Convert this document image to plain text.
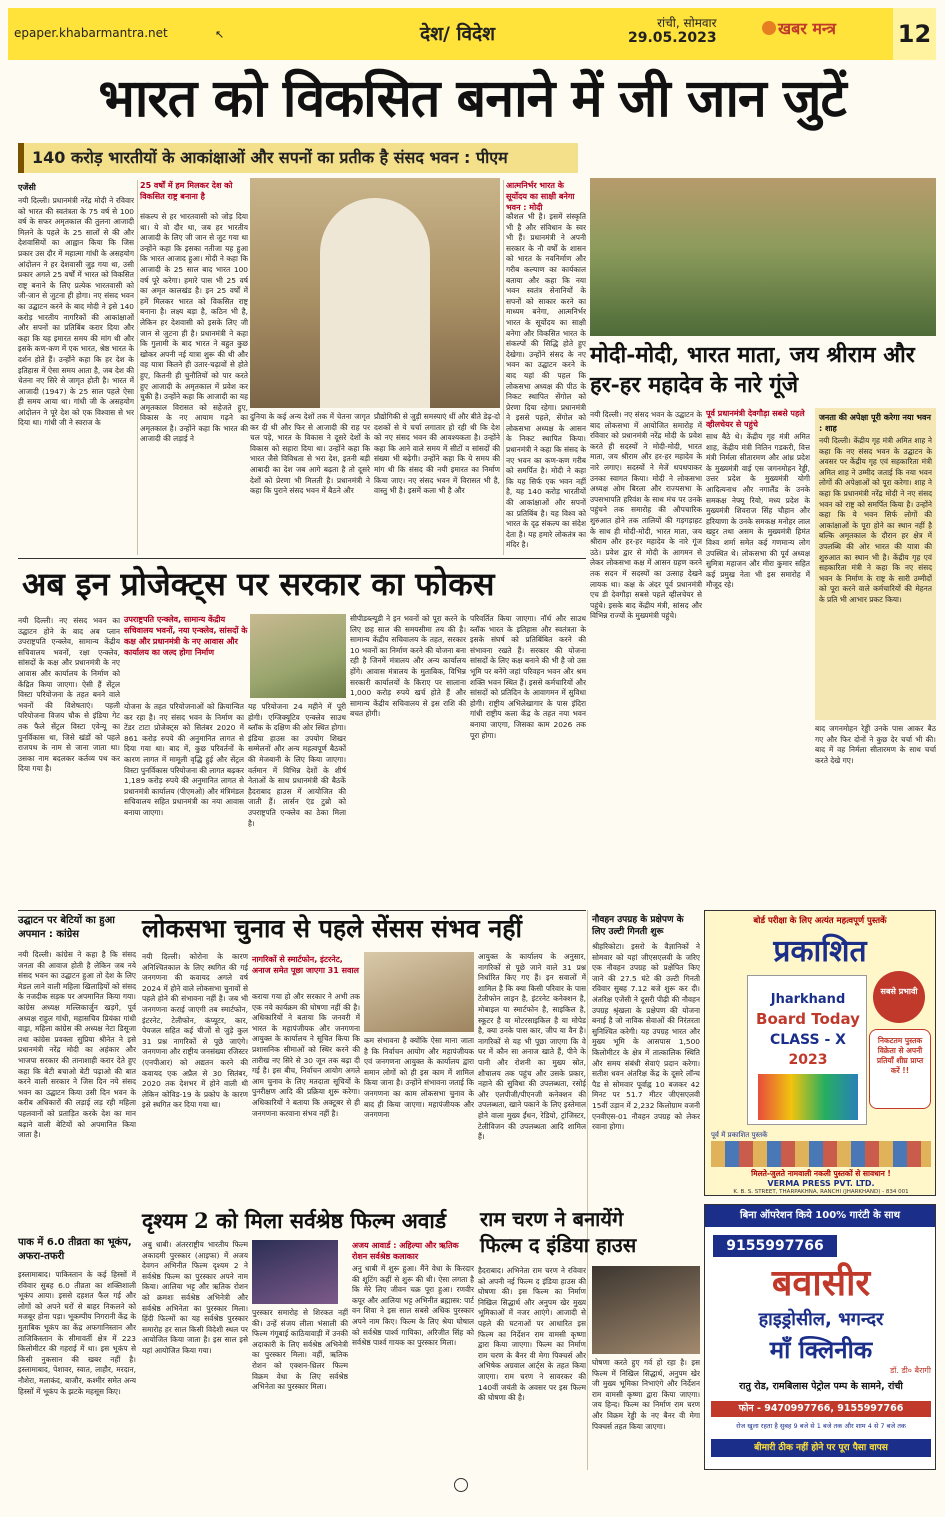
epaper.khabarmantra.net	↖	देश/ विदेश	रांची, सोमवार
29.05.2023	खबर मन्त्र	12
भारत को विकसित बनाने में जी जान जुटें
140 करोड़ भारतीयों के आकांक्षाओं और सपनों का प्रतीक है संसद भवन : पीएम
एजेंसी

नयी दिल्ली। प्रधानमंत्री नरेंद्र मोदी ने रविवार को भारत की स्वतंत्रता के 75 वर्ष से 100 वर्ष के सफर अमृतकाल की तुलना आजादी मिलने के पहले के 25 सालों से की और देशवासियों का आह्वान किया कि जिस प्रकार उस दौर में महात्मा गांधी के असहयोग आंदोलन ने हर देशवासी जुड़ गया था, उसी प्रकार अगले 25 वर्षों में भारत को विकसित राष्ट्र बनाने के लिए प्रत्येक भारतवासी को जी-जान से जुटना ही होगा। नए संसद भवन का उद्घाटन करने के बाद मोदी ने इसे 140 करोड़ भारतीय नागरिकों की आकांक्षाओं और सपनों का प्रतिबिंब करार दिया और कहा कि यह इमारत समय की मांग थी और इसके कण-कण में एक भारत, श्रेष्ठ भारत के दर्शन होते हैं। उन्होंने कहा कि हर देश के इतिहास में ऐसा समय आता है, जब देश की चेतना नए सिरे से जागृत होती है। भारत में आजादी (1947) के 25 साल पहले ऐसा ही समय आया था। गांधी जी के असहयोग आंदोलन ने पूरे देश को एक विश्वास से भर दिया था। गांधी जी ने स्वराज के

25 वर्षों में हम मिलकर देश को विकसित राष्ट्र बनाना है

संकल्प से हर भारतवासी को जोड़ दिया था। ये वो दौर था, जब हर भारतीय आजादी के लिए जी जान से जुट गया था उन्होंने कहा कि इसका नतीजा यह हुआ कि भारत आजाद हुआ। मोदी ने कहा कि आजादी के 25 साल बाद भारत 100 वर्ष पूरे करेगा। हमारे पास भी 25 वर्ष का अमृत कालखंड है। इन 25 वर्षों में हमें मिलकर भारत को विकसित राष्ट्र बनाना है। लक्ष्य बड़ा है, कठिन भी है, लेकिन हर देशवासी को इसके लिए जी जान से जुटना ही है। प्रधानमंत्री ने कहा कि गुलामी के बाद भारत ने बहुत कुछ खोकर अपनी नई यात्रा शुरू की थी और वह यात्रा कितने ही उतार-चढ़ावों से होते हुए, कितनी ही चुनौतियों को पार करते हुए आजादी के अमृतकाल में प्रवेश कर चुकी है। उन्होंने कहा कि आजादी का यह अमृतकाल विरासत को सहेजते हुए, विकास के नए आयाम गढ़ने का अमृतकाल है। उन्होंने कहा कि भारत की आजादी की लड़ाई ने

दुनिया के कई अन्य देशों तक में चेतना जागृत कर दी थी और फिर से आजादी की राह पर चल पड़े, भारत के विकास ने दूसरे देशों के विकास को सहारा दिया था। उन्होंने कहा कि भारत जैसे विविधता से भरा देश, इतनी बड़ी आबादी का देश जब आगे बढ़ता है तो दूसरे देशों को प्रेरणा भी मिलती है। प्रधानमंत्री ने कहा कि पुराने संसद भवन में बैठने और

प्रौद्योगिकी से जुड़ी समस्याएं थीं और बीते डेढ़-दो दशकों से ये चर्चा लगातार हो रही थी कि देश को नए संसद भवन की आवश्यकता है। उन्होंने कहा कि आने वाले समय में सीटों व सांसदों की संख्या भी बढ़ेगी। उन्होंने कहा कि ये समय की मांग थी कि संसद की नयी इमारत का निर्माण किया जाए। नए संसद भवन में विरासत भी है, वास्तु भी है। इसमें कला भी है और

आत्मनिर्भर भारत के सूर्योदय का साक्षी बनेगा भवन : मोदी

कौशल भी है। इसमें संस्कृति भी है और संविधान के स्वर भी हैं। प्रधानमंत्री ने अपनी सरकार के नौ वर्षों के शासन को भारत के नवनिर्माण और गरीब कल्याण का कार्यकाल बताया और कहा कि नया भवन स्वतंत्र सेनानियों के सपनों को साकार करने का माध्यम बनेगा, आत्मनिर्भर भारत के सूर्योदय का साक्षी बनेगा और विकसित भारत के संकल्पों की सिद्धि होते हुए देखेगा। उन्होंने संसद के नए भवन का उद्घाटन करने के बाद यहां की पहल कि लोकसभा अध्यक्ष की पीठ के निकट स्थापित सेंगोल को प्रेरणा दिया रहेगा। प्रधानमंत्री ने इससे पहले, सेंगोल को लोकसभा अध्यक्ष के आसन के निकट स्थापित किया। प्रधानमंत्री ने कहा कि संसद के नए भवन का कण-कण गरीब को समर्पित है। मोदी ने कहा कि यह सिर्फ एक भवन नहीं है, यह 140 करोड़ भारतीयों की आकांक्षाओं और सपनों का प्रतिबिंब है। यह विश्व को भारत के दृढ़ संकल्प का संदेश देता है। यह हमारे लोकतंत्र का मंदिर है।

मोदी-मोदी, भारत माता, जय श्रीराम और हर-हर महादेव के नारे गूंजे
पूर्व प्रधानमंत्री देवगौड़ा सबसे पहले व्हीलचेयर से पहुंचे

नयी दिल्ली। नए संसद भवन के उद्घाटन के बाद लोकसभा में आयोजित समारोह में रविवार को प्रधानमंत्री नरेंद्र मोदी के प्रवेश करते ही सदस्यों ने मोदी-मोदी, भारत माता, जय श्रीराम और हर-हर महादेव के नारे लगाए। सदस्यों ने मेजें थपथपाकर उनका स्वागत किया। मोदी ने लोकसभा अध्यक्ष ओम बिरला और राज्यसभा के उपसभापति हरिवंश के साथ मंच पर उनके पहुंचने तक समारोह की औपचारिक शुरुआत होने तक तालियों की गड़गड़ाहट के साथ ही मोदी-मोदी, भारत माता, जय श्रीराम और हर-हर महादेव के नारे गूंज उठे। प्रवेश द्वार से मोदी के आगमन से लेकर लोकसभा कक्ष में आसन ग्रहण करने तक सदन में सदस्यों का उत्साह देखने लायक था। कक्ष के अंदर पूर्व प्रधानमंत्री एच डी देवगौड़ा सबसे पहले व्हीलचेयर से पहुंचे। इसके बाद केंद्रीय मंत्री, सांसद और विभिन्न राज्यों के मुख्यमंत्री पहुंचे।

साथ बैठे थे। केंद्रीय गृह मंत्री अमित शाह, केंद्रीय मंत्री नितिन गडकरी, वित्त मंत्री निर्मला सीतारमण और आंध्र प्रदेश के मुख्यमंत्री वाई एस जगनमोहन रेड्डी, उत्तर प्रदेश के मुख्यमंत्री योगी आदित्यनाथ और नगालैंड के उनके समकक्ष नेफ्यू रियो, मध्य प्रदेश के मुख्यमंत्री शिवराज सिंह चौहान और हरियाणा के उनके समकक्ष मनोहर लाल खट्टर तथा असम के मुख्यमंत्री हिमंत विश्व शर्मा समेत कई गणमान्य लोग उपस्थित थे। लोकसभा की पूर्व अध्यक्ष सुमित्रा महाजन और मीरा कुमार सहित कई प्रमुख नेता भी इस समारोह में मौजूद रहे।

जनता की अपेक्षा पूरी करेगा नया भवन : शाह

नयी दिल्ली। केंद्रीय गृह मंत्री अमित शाह ने कहा कि नए संसद भवन के उद्घाटन के अवसर पर केंद्रीय गृह एवं सहकारिता मंत्री अमित शाह ने उम्मीद जताई कि नया भवन लोगों की अपेक्षाओं को पूरा करेगा। शाह ने कहा कि प्रधानमंत्री नरेंद्र मोदी ने नए संसद भवन को राष्ट्र को समर्पित किया है। उन्होंने कहा कि ये भवन सिर्फ लोगों की आकांक्षाओं के पूरा होने का स्थान नहीं है बल्कि अमृतकाल के दौरान हर क्षेत्र में उपलब्धि की ओर भारत की यात्रा की शुरुआत का स्थान भी है। केंद्रीय गृह एवं सहकारिता मंत्री ने कहा कि नए संसद भवन के निर्माण के राष्ट्र के सारी उम्मीदों को पूरा करने वाले कर्मचारियों की मेहनत के प्रति भी आभार प्रकट किया।

बाद जगनमोहन रेड्डी उनके पास आकर बैठ गए और फिर दोनों ने कुछ देर चर्चा भी की। बाद में वह निर्मला सीतारमण के साथ चर्चा करते देखे गए।

अब इन प्रोजेक्ट्स पर सरकार का फोकस

नयी दिल्ली। नए संसद भवन का उद्घाटन होने के बाद अब प्लान उपराष्ट्रपति एन्क्लेव, सामान्य केंद्रीय सचिवालय भवनों, रक्षा एन्क्लेव, सांसदों के कक्ष और प्रधानमंत्री के नए आवास और कार्यालय के निर्माण को केंद्रित किया जाएगा। ऐसी हैं सेंट्रल विस्टा परियोजना के तहत बनने वाले भवनों की विशेषताएं। पहली परियोजना विजय चौक से इंडिया गेट तक फैले सेंट्रल विस्टा एवेन्यू का पुनर्विकास था, जिसे खंडों को पहले राजपथ के नाम से जाना जाता था। उसका नाम बदलकर कर्तव्य पथ कर दिया गया है।

उपराष्ट्रपति एन्क्लेव, सामान्य केंद्रीय सचिवालय भवनों, नया एन्क्लेव, सांसदों के कक्ष और प्रधानमंत्री के नए आवास और कार्यालय का जल्द होगा निर्माण

योजना के तहत परियोजनाओं को क्रियान्वित कर रहा है। नए संसद भवन के निर्माण का टेंडर टाटा प्रोजेक्ट्स को सितंबर 2020 में 861 करोड़ रुपये की अनुमानित लागत से दिया गया था। बाद में, कुछ परिवर्तनों के कारण लागत में मामूली वृद्धि हुई और सेंट्रल विस्टा पुनर्विकास परियोजना की लागत बढ़कर 1,189 करोड़ रुपये की अनुमानित लागत से प्रधानमंत्री कार्यालय (पीएमओ) और मंत्रिमंडल सचिवालय सहित प्रधानमंत्री का नया आवास बनाया जाएगा।

यह परियोजना 24 महीने में पूरी होगी। एग्जिक्यूटिव एन्क्लेव साउथ ब्लॉक के दक्षिण की ओर स्थित होगा। इंडिया हाउस का उपयोग शिखर सम्मेलनों और अन्य महत्वपूर्ण बैठकों की मेजबानी के लिए किया जाएगा। वर्तमान में विभिन्न देशों के शीर्ष नेताओं के साथ प्रधानमंत्री की बैठकें हैदराबाद हाउस में आयोजित की जाती हैं। लार्सन एंड टुब्रो को उपराष्ट्रपति एन्क्लेव का ठेका मिला है।

सीपीडब्ल्यूडी ने इन भवनों को पूरा करने के लिए छह साल की समयसीमा तय की है। सामान्य केंद्रीय सचिवालय के तहत, सरकार 10 भवनों का निर्माण करने की योजना बना रही है जिनमें मंत्रालय और अन्य कार्यालय होंगे। आवास मंत्रालय के मुताबिक, विभिन्न सरकारी कार्यालयों के किराए पर सालाना 1,000 करोड़ रुपये खर्च होते हैं और सामान्य केंद्रीय सचिवालय से इस राशि की बचत होगी।

परिवर्तित किया जाएगा। नॉर्थ और साउथ ब्लॉक भारत के इतिहास और स्वतंत्रता के इसके संघर्ष को प्रतिबिंबित करने की संभावना रखते हैं। सरकार की योजना सांसदों के लिए कक्ष बनाने की भी है जो उस भूमि पर बनेंगे जहां परिवहन भवन और श्रम शक्ति भवन स्थित हैं। इससे कर्मचारियों और सांसदों को प्रतिदिन के आवागमन में सुविधा होगी। राष्ट्रीय अभिलेखागार के पास इंदिरा गांधी राष्ट्रीय कला केंद्र के तहत नया भवन बनाया जाएगा, जिसका काम 2026 तक पूरा होगा।

उद्घाटन पर बेटियों का हुआ अपमान : कांग्रेस

नयी दिल्ली। कांग्रेस ने कहा है कि संसद जनता की आवाज होती है लेकिन जब नये संसद भवन का उद्घाटन हुआ तो देश के लिए मेडल लाने वाली महिला खिलाड़ियों को संसद के नजदीक सड़क पर अपमानित किया गया। कांग्रेस अध्यक्ष मल्लिकार्जुन खड़गे, पूर्व अध्यक्ष राहुल गांधी, महासचिव प्रियंका गांधी वाड्रा, महिला कांग्रेस की अध्यक्ष नेटा डिसूजा तथा कांग्रेस प्रवक्ता सुप्रिया श्रीनेत ने इसे प्रधानमंत्री नरेंद्र मोदी का अहंकार और भाजपा सरकार की तानाशाही करार देते हुए कहा कि बेटी बचाओ बेटी पढ़ाओ की बात करने वाली सरकार ने जिस दिन नये संसद भवन का उद्घाटन किया उसी दिन भवन के करीब अधिकारों की लड़ाई लड़ रही महिला पहलवानों को प्रताड़ित करके देश का मान बढ़ाने वाली बेटियों को अपमानित किया जाता है।

पाक में 6.0 तीव्रता का भूकंप, अफरा-तफरी

इस्लामाबाद। पाकिस्तान के कई हिस्सों में रविवार सुबह 6.0 तीव्रता का शक्तिशाली भूकंप आया। इससे दहशत फैल गई और लोगों को अपने घरों से बाहर निकलने को मजबूर होना पड़ा। भूकम्पीय निगरानी केंद्र के मुताबिक भूकंप का केंद्र अफगानिस्तान और ताजिकिस्तान के सीमावर्ती क्षेत्र में 223 किलोमीटर की गहराई में था। इस भूकंप से किसी नुकसान की खबर नहीं है। इस्लामाबाद, पेशावर, स्वात, लाहौर, मरदान, नौशेरा, मलाकंद, बाजौर, कश्मीर समेत अन्य हिस्सों में भूकंप के झटके महसूस किए।

लोकसभा चुनाव से पहले सेंसस संभव नहीं

नयी दिल्ली। कोरोना के कारण अनिश्चितकाल के लिए स्थगित की गई जनगणना की कवायद अगले वर्ष 2024 में होने वाले लोकसभा चुनावों से पहले होने की संभावना नहीं है। जब भी जनगणना कराई जाएगी तब स्मार्टफोन, इंटरनेट, टेलीफोन, कंप्यूटर, कार, पेयजल सहित कई चीजों से जुड़े कुल 31 प्रश्न नागरिकों से पूछे जाएंगे। जनगणना और राष्ट्रीय जनसंख्या रजिस्टर (एनपीआर) को अद्यतन करने की कवायद एक अप्रैल से 30 सितंबर, 2020 तक देशभर में होने वाली थी लेकिन कोविड-19 के प्रकोप के कारण इसे स्थगित कर दिया गया था।

नागरिकों से स्मार्टफोन, इंटरनेट, अनाज समेत पूछा जाएगा 31 सवाल

कराया गया हो और सरकार ने अभी तक एक नये कार्यक्रम की घोषणा नहीं की है। अधिकारियों ने बताया कि जनवरी में भारत के महापंजीयक और जनगणना आयुक्त के कार्यालय ने सूचित किया कि प्रशासनिक सीमाओं को स्थिर करने की तारीख नए सिरे से 30 जून तक बढ़ा दी गई है। इस बीच, निर्वाचन आयोग अगले आम चुनाव के लिए मतदाता सूचियों के पुनरीक्षण आदि की प्रक्रिया शुरू करेगा। अधिकारियों ने बताया कि अक्टूबर से ही जनगणना करवाना संभव नहीं है।

कम संभावना है क्योंकि ऐसा माना जाता है कि निर्वाचन आयोग और महापंजीयक एवं जनगणना आयुक्त के कार्यालय द्वारा समान लोगों को ही इस काम में शामिल किया जाना है। उन्होंने संभावना जताई कि जनगणना का काम लोकसभा चुनाव के बाद ही किया जाएगा। महापंजीयक और जनगणना

आयुक्त के कार्यालय के अनुसार, नागरिकों से पूछे जाने वाले 31 प्रश्न निर्धारित किए गए हैं। इन सवालों में शामिल है कि क्या किसी परिवार के पास टेलीफोन लाइन है, इंटरनेट कनेक्शन है, मोबाइल या स्मार्टफोन है, साइकिल है, स्कूटर है या मोटरसाइकिल है या मोपेड है, क्या उनके पास कार, जीप या वैन है। नागरिकों से यह भी पूछा जाएगा कि वे घर में कौन सा अनाज खाते हैं, पीने के पानी और रोशनी का मुख्य स्रोत, शौचालय तक पहुंच और उसके प्रकार, नहाने की सुविधा की उपलब्धता, रसोई और एलपीजी/पीएनजी कनेक्शन की उपलब्धता, खाने पकाने के लिए इस्तेमाल होने वाला मुख्य ईंधन, रेडियो, ट्रांजिस्टर, टेलीविजन की उपलब्धता आदि शामिल हैं।

दृश्यम 2 को मिला सर्वश्रेष्ठ फिल्म अवार्ड

अबु धाबी। अंतरराष्ट्रीय भारतीय फिल्म अकादमी पुरस्कार (आइफा) में अजय देवगन अभिनीत फिल्म दृश्यम 2 ने सर्वश्रेष्ठ फिल्म का पुरस्कार अपने नाम किया। आलिया भट्ट और ऋतिक रोशन को क्रमशः सर्वश्रेष्ठ अभिनेत्री और सर्वश्रेष्ठ अभिनेता का पुरस्कार मिला। हिंदी फिल्मों का यह सर्वश्रेष्ठ पुरस्कार समारोह हर साल किसी विदेशी स्थल पर आयोजित किया जाता है। इस साल इसे यहां आयोजित किया गया।

पुरस्कार समारोह से शिरकत नहीं की। उन्हें संजय लीला भंसाली की फिल्म गंगूबाई काठियावाड़ी में उनकी अदाकारी के लिए सर्वश्रेष्ठ अभिनेत्री का पुरस्कार मिला। वहीं, ऋतिक रोशन को एक्शन-थ्रिलर फिल्म विक्रम वेधा के लिए सर्वश्रेष्ठ अभिनेता का पुरस्कार मिला।

अजय आवार्ड : अहिल्या और ऋतिक रोशन सर्वश्रेष्ठ कलाकार

अनु धाबी में शुरू हुआ। मैंने वेधा के किरदार की शूटिंग कहीं से शुरू की थी। ऐसा लगता है कि मेरे लिए जीवन चक्र पूरा हुआ। रणवीर कपूर और आलिया भट्ट अभिनीत ब्रह्मास्त्र: पार्ट वन शिवा ने इस साल सबसे अधिक पुरस्कार अपने नाम किए। फिल्म के लिए श्रेया घोषाल को सर्वश्रेष्ठ पार्श्व गायिका, अरिजीत सिंह को सर्वश्रेष्ठ पार्श्व गायक का पुरस्कार मिला।

नौवहन उपग्रह के प्रक्षेपण के लिए उल्टी गिनती शुरू

श्रीहरिकोटा। इसरो के वैज्ञानिकों ने सोमवार को यहां जीएसएलवी के जरिए एक नौवहन उपग्रह को प्रक्षेपित किए जाने की 27.5 घंटे की उल्टी गिनती रविवार सुबह 7.12 बजे शुरू कर दी। अंतरिक्ष एजेंसी ने दूसरी पीढ़ी की नौवहन उपग्रह श्रृंखला के प्रक्षेपण की योजना बनाई है जो नाविक सेवाओं की निरंतरता सुनिश्चित करेगी। यह उपग्रह भारत और मुख्य भूमि के आसपास 1,500 किलोमीटर के क्षेत्र में तात्कालिक स्थिति और समय संबंधी सेवाएं प्रदान करेगा। सतीश धवन अंतरिक्ष केंद्र के दूसरे लॉन्च पैड से सोमवार पूर्वाह्न 10 बजकर 42 मिनट पर 51.7 मीटर जीएसएलवी 15वीं उड़ान में 2,232 किलोग्राम वजनी एनवीएस-01 नौवहन उपग्रह को लेकर रवाना होगा।

राम चरण ने बनायेंगे
फिल्म द इंडिया हाउस

हैदराबाद। अभिनेता राम चरण ने रविवार को अपनी नई फिल्म द इंडिया हाउस की घोषणा की। इस फिल्म का निर्माण निखिल सिद्धार्थ और अनुपम खेर मुख्य भूमिकाओं में नजर आएंगे। आजादी से पहले की घटनाओं पर आधारित इस फिल्म का निर्देशन राम वामसी कृष्णा द्वारा किया जाएगा। फिल्म का निर्माण राम चरण के बैनर वी मेगा पिक्चर्स और अभिषेक अग्रवाल आर्ट्स के तहत किया जाएगा। राम चरण ने सावरकर की 140वीं जयंती के अवसर पर इस फिल्म की घोषणा की है।

घोषणा करते हुए गर्व हो रहा है। इस फिल्म में निखिल सिद्धार्थ, अनुपम खेर जी मुख्य भूमिका निभाएंगे और निर्देशन राम वामसी कृष्णा द्वारा किया जाएगा। जय हिन्द। फिल्म का निर्माण राम चरण और विक्रम रेड्डी के नए बैनर वी मेगा पिक्चर्स तहत किया जाएगा।

बोर्ड परीक्षा के लिए अत्यंत महत्वपूर्ण पुस्तकें
प्रकाशित
Jharkhand
Board Today
CLASS - X
2023
सबसे प्रभावी
निकटतम पुस्तक विक्रेता से अपनी प्रतियाँ शीघ्र प्राप्त करें !!
पूर्व में प्रकाशित पुस्तकें
मिलते-जुलते नामवाली नकली पुस्तकों से सावधान !
VERMA PRESS PVT. LTD.
K. B. S. STREET, THARPAKHNA, RANCHI (JHARKHAND) - 834 001
बिना ऑपरेशन किये 100% गारंटी के साथ
9155997766
बवासीर
हाइड्रोसील, भगन्दर
माँ क्लिनीक
डॉ. डी० बैरागी
रातु रोड, रामबिलास पेट्रोल पम्प के सामने, रांची
फोन - 9470997766, 9155997766
रोज खुला रहता है सुबह 9 बजे से 1 बजे तक और शाम 4 से 7 बजे तक
बीमारी ठीक नहीं होने पर पूरा पैसा वापस
